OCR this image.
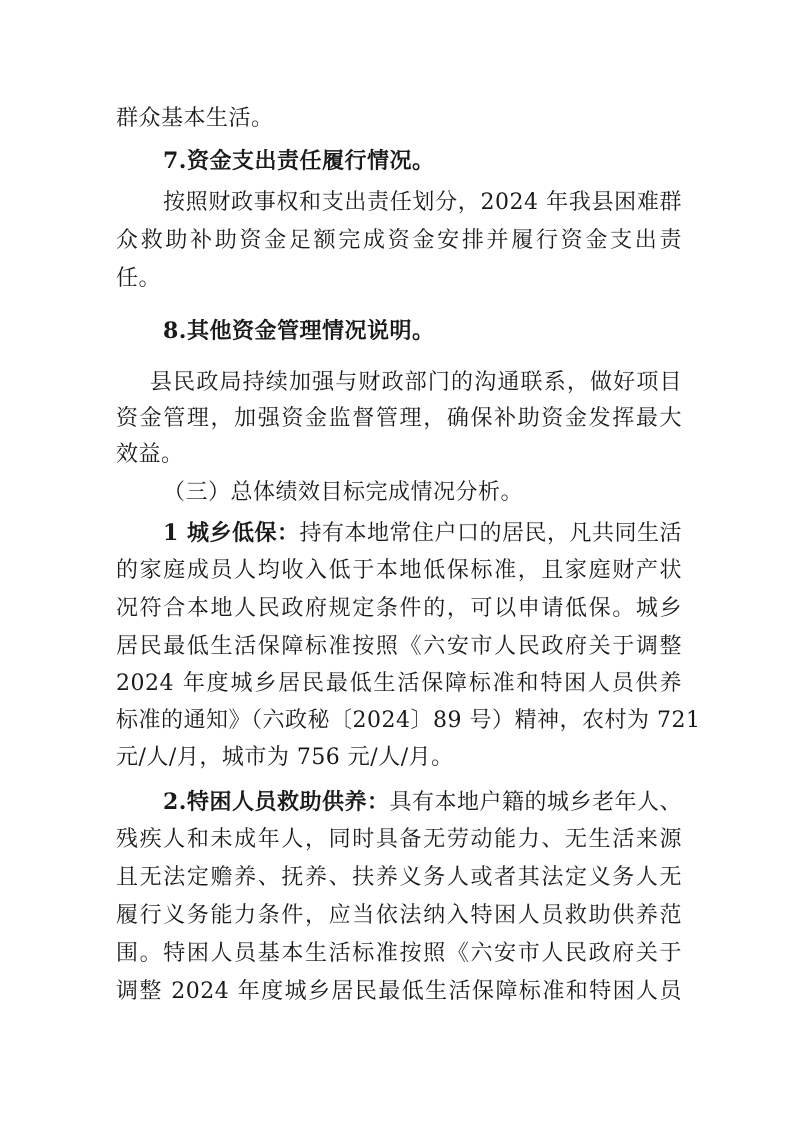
群众基本生活。
7.资金支出责任履行情况。
按照财政事权和支出责任划分，2024 年我县困难群
众救助补助资金足额完成资金安排并履行资金支出责
任。
8.其他资金管理情况说明。
县民政局持续加强与财政部门的沟通联系，做好项目
资金管理，加强资金监督管理，确保补助资金发挥最大
效益。
（三）总体绩效目标完成情况分析。
1 城乡低保：持有本地常住户口的居民，凡共同生活
的家庭成员人均收入低于本地低保标准，且家庭财产状
况符合本地人民政府规定条件的，可以申请低保。城乡
居民最低生活保障标准按照《六安市人民政府关于调整
2024 年度城乡居民最低生活保障标准和特困人员供养
标准的通知》（六政秘〔2024〕89 号）精神，农村为 721
元/人/月，城市为 756 元/人/月。
2.特困人员救助供养：具有本地户籍的城乡老年人、
残疾人和未成年人，同时具备无劳动能力、无生活来源
且无法定赡养、抚养、扶养义务人或者其法定义务人无
履行义务能力条件，应当依法纳入特困人员救助供养范
围。特困人员基本生活标准按照《六安市人民政府关于
调整 2024 年度城乡居民最低生活保障标准和特困人员
